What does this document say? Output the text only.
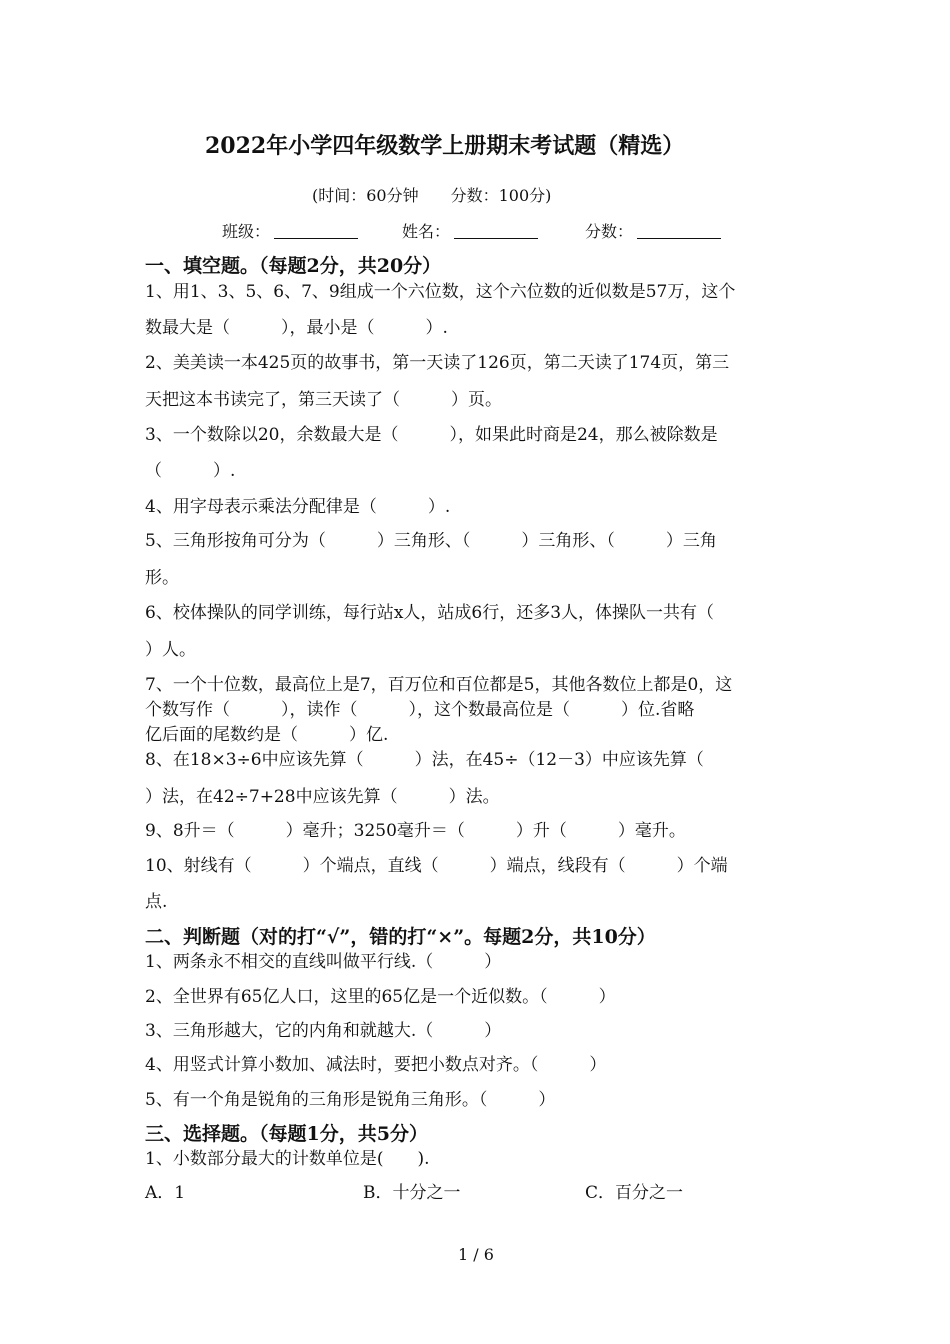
2022年小学四年级数学上册期末考试题（精选）
(时间：60分钟　　分数：100分)
班级：	姓名：	分数：
一、填空题。（每题2分，共20分）
1、用1、3、5、6、7、9组成一个六位数，这个六位数的近似数是57万，这个
数最大是（　　　），最小是（　　　）.
2、美美读一本425页的故事书，第一天读了126页，第二天读了174页，第三
天把这本书读完了，第三天读了（　　　）页。
3、一个数除以20，余数最大是（　　　），如果此时商是24，那么被除数是
（　　　）.
4、用字母表示乘法分配律是（　　　）.
5、三角形按角可分为（　　　）三角形、（　　　）三角形、（　　　）三角
形。
6、校体操队的同学训练，每行站x人，站成6行，还多3人，体操队一共有（
）人。
7、一个十位数，最高位上是7，百万位和百位都是5，其他各数位上都是0，这
个数写作（　　　），读作（　　　），这个数最高位是（　　　）位.省略
亿后面的尾数约是（　　　）亿.
8、在18×3÷6中应该先算（　　　）法，在45÷（12－3）中应该先算（
）法，在42÷7+28中应该先算（　　　）法。
9、8升＝（　　　）毫升；3250毫升＝（　　　）升（　　　）毫升。
10、射线有（　　　）个端点，直线（　　　）端点，线段有（　　　）个端
点.
二、判断题（对的打“√”，错的打“×”。每题2分，共10分）
1、两条永不相交的直线叫做平行线.（　　　）
2、全世界有65亿人口，这里的65亿是一个近似数。（　　　）
3、三角形越大，它的内角和就越大.（　　　）
4、用竖式计算小数加、减法时，要把小数点对齐。（　　　）
5、有一个角是锐角的三角形是锐角三角形。（　　　）
三、选择题。（每题1分，共5分）
1、小数部分最大的计数单位是(　　).
A．1	B．十分之一	C．百分之一
1 / 6
